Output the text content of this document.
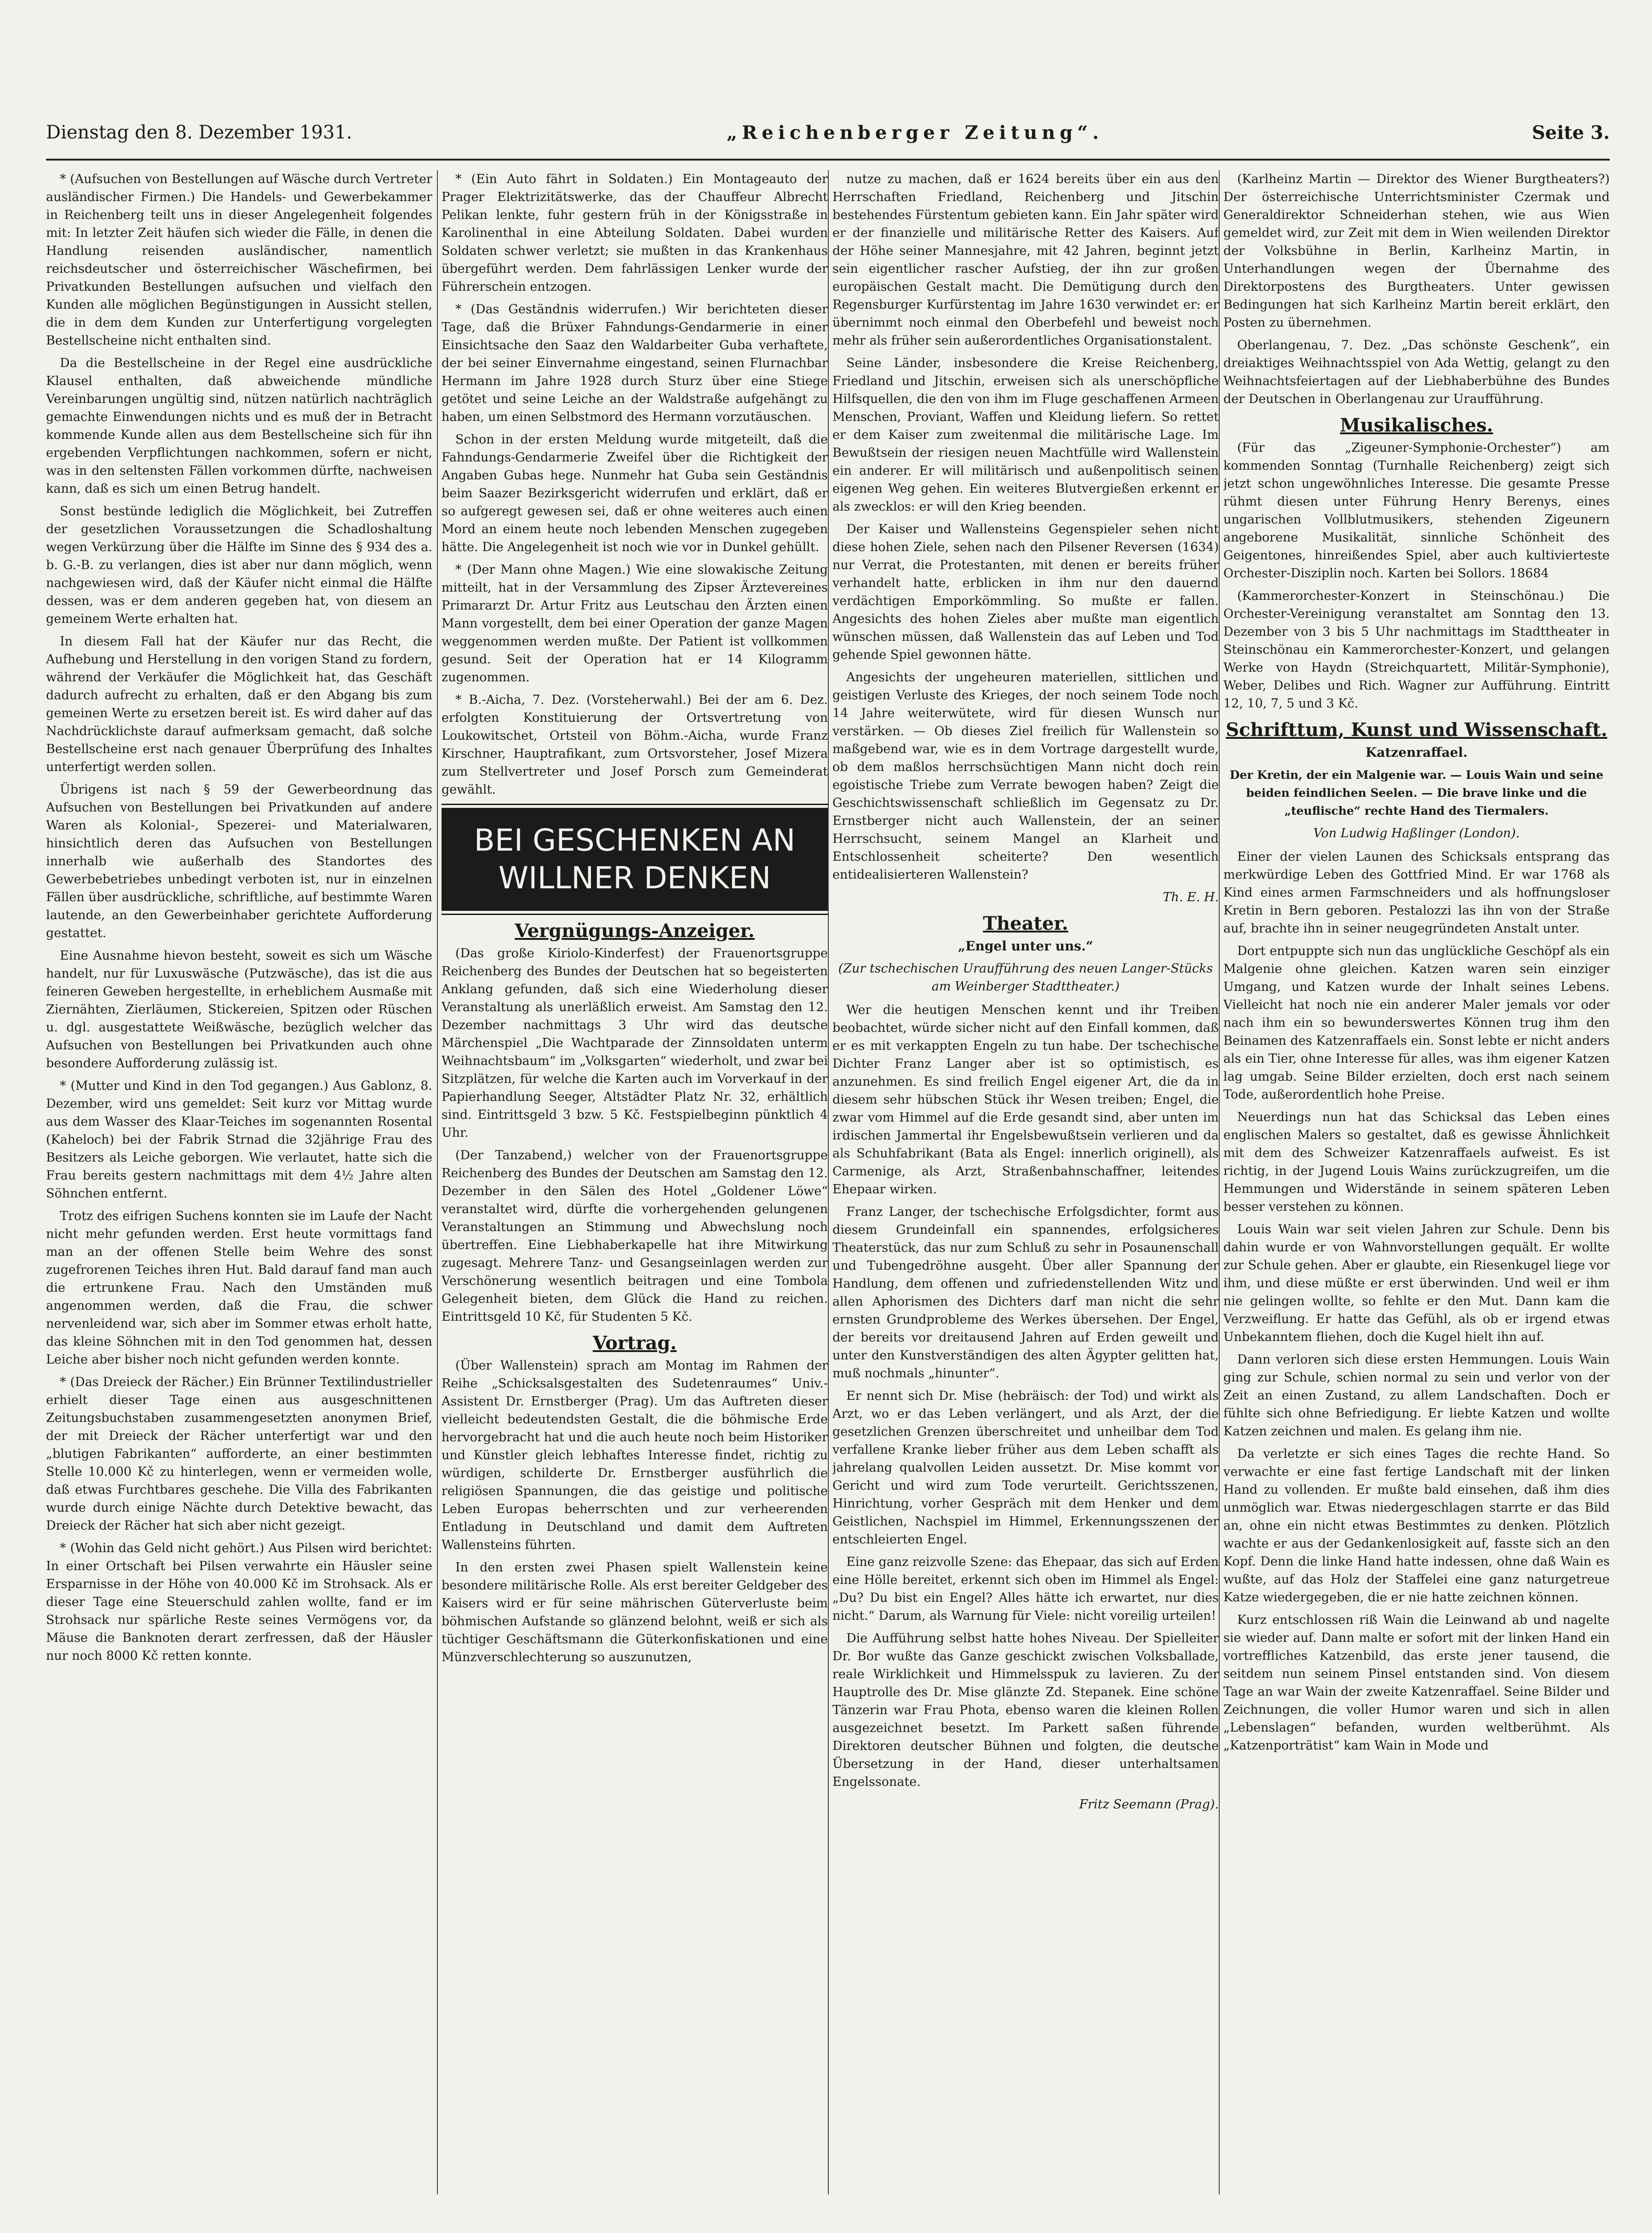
Dienstag den 8. Dezember 1931.	„Reichenberger Zeitung“.	Seite 3.

* (Aufsuchen von Bestellungen auf Wäsche durch Vertreter ausländischer Firmen.) Die Handels- und Gewerbekammer in Reichenberg teilt uns in dieser Angelegenheit folgendes mit: In letzter Zeit häufen sich wieder die Fälle, in denen die Handlung reisenden ausländischer, namentlich reichsdeutscher und österreichischer Wäschefirmen, bei Privatkunden Bestellungen aufsuchen und vielfach den Kunden alle möglichen Begünstigungen in Aussicht stellen, die in dem dem Kunden zur Unterfertigung vorgelegten Bestellscheine nicht enthalten sind.

Da die Bestellscheine in der Regel eine ausdrückliche Klausel enthalten, daß abweichende mündliche Vereinbarungen ungültig sind, nützen natürlich nachträglich gemachte Einwendungen nichts und es muß der in Betracht kommende Kunde allen aus dem Bestellscheine sich für ihn ergebenden Verpflichtungen nachkommen, sofern er nicht, was in den seltensten Fällen vorkommen dürfte, nachweisen kann, daß es sich um einen Betrug handelt.

Sonst bestünde lediglich die Möglichkeit, bei Zutreffen der gesetzlichen Voraussetzungen die Schadloshaltung wegen Verkürzung über die Hälfte im Sinne des § 934 des a. b. G.-B. zu verlangen, dies ist aber nur dann möglich, wenn nachgewiesen wird, daß der Käufer nicht einmal die Hälfte dessen, was er dem anderen gegeben hat, von diesem an gemeinem Werte erhalten hat.

In diesem Fall hat der Käufer nur das Recht, die Aufhebung und Herstellung in den vorigen Stand zu fordern, während der Verkäufer die Möglichkeit hat, das Geschäft dadurch aufrecht zu erhalten, daß er den Abgang bis zum gemeinen Werte zu ersetzen bereit ist. Es wird daher auf das Nachdrücklichste darauf aufmerksam gemacht, daß solche Bestellscheine erst nach genauer Überprüfung des Inhaltes unterfertigt werden sollen.

Übrigens ist nach § 59 der Gewerbeordnung das Aufsuchen von Bestellungen bei Privatkunden auf andere Waren als Kolonial-, Spezerei- und Materialwaren, hinsichtlich deren das Aufsuchen von Bestellungen innerhalb wie außerhalb des Standortes des Gewerbebetriebes unbedingt verboten ist, nur in einzelnen Fällen über ausdrückliche, schriftliche, auf bestimmte Waren lautende, an den Gewerbeinhaber gerichtete Aufforderung gestattet.

Eine Ausnahme hievon besteht, soweit es sich um Wäsche handelt, nur für Luxuswäsche (Putzwäsche), das ist die aus feineren Geweben hergestellte, in erheblichem Ausmaße mit Ziernähten, Zierläumen, Stickereien, Spitzen oder Rüschen u. dgl. ausgestattete Weißwäsche, bezüglich welcher das Aufsuchen von Bestellungen bei Privatkunden auch ohne besondere Aufforderung zulässig ist.

* (Mutter und Kind in den Tod gegangen.) Aus Gablonz, 8. Dezember, wird uns gemeldet: Seit kurz vor Mittag wurde aus dem Wasser des Klaar-Teiches im sogenannten Rosental (Kaheloch) bei der Fabrik Strnad die 32jährige Frau des Besitzers als Leiche geborgen. Wie verlautet, hatte sich die Frau bereits gestern nachmittags mit dem 4½ Jahre alten Söhnchen entfernt.

Trotz des eifrigen Suchens konnten sie im Laufe der Nacht nicht mehr gefunden werden. Erst heute vormittags fand man an der offenen Stelle beim Wehre des sonst zugefrorenen Teiches ihren Hut. Bald darauf fand man auch die ertrunkene Frau. Nach den Umständen muß angenommen werden, daß die Frau, die schwer nervenleidend war, sich aber im Sommer etwas erholt hatte, das kleine Söhnchen mit in den Tod genommen hat, dessen Leiche aber bisher noch nicht gefunden werden konnte.

* (Das Dreieck der Rächer.) Ein Brünner Textilindustrieller erhielt dieser Tage einen aus ausgeschnittenen Zeitungsbuchstaben zusammengesetzten anonymen Brief, der mit Dreieck der Rächer unterfertigt war und den „blutigen Fabrikanten“ aufforderte, an einer bestimmten Stelle 10.000 Kč zu hinterlegen, wenn er vermeiden wolle, daß etwas Furchtbares geschehe. Die Villa des Fabrikanten wurde durch einige Nächte durch Detektive bewacht, das Dreieck der Rächer hat sich aber nicht gezeigt.

* (Wohin das Geld nicht gehört.) Aus Pilsen wird berichtet: In einer Ortschaft bei Pilsen verwahrte ein Häusler seine Ersparnisse in der Höhe von 40.000 Kč im Strohsack. Als er dieser Tage eine Steuerschuld zahlen wollte, fand er im Strohsack nur spärliche Reste seines Vermögens vor, da Mäuse die Banknoten derart zerfressen, daß der Häusler nur noch 8000 Kč retten konnte.

* (Ein Auto fährt in Soldaten.) Ein Montageauto der Prager Elektrizitätswerke, das der Chauffeur Albrecht Pelikan lenkte, fuhr gestern früh in der Königsstraße in Karolinenthal in eine Abteilung Soldaten. Dabei wurden Soldaten schwer verletzt; sie mußten in das Krankenhaus übergeführt werden. Dem fahrlässigen Lenker wurde der Führerschein entzogen.

* (Das Geständnis widerrufen.) Wir berichteten dieser Tage, daß die Brüxer Fahndungs-Gendarmerie in einer Einsichtsache den Saaz den Waldarbeiter Guba verhaftete, der bei seiner Einvernahme eingestand, seinen Flurnachbar Hermann im Jahre 1928 durch Sturz über eine Stiege getötet und seine Leiche an der Waldstraße aufgehängt zu haben, um einen Selbstmord des Hermann vorzutäuschen.

Schon in der ersten Meldung wurde mitgeteilt, daß die Fahndungs-Gendarmerie Zweifel über die Richtigkeit der Angaben Gubas hege. Nunmehr hat Guba sein Geständnis beim Saazer Bezirksgericht widerrufen und erklärt, daß er so aufgeregt gewesen sei, daß er ohne weiteres auch einen Mord an einem heute noch lebenden Menschen zugegeben hätte. Die Angelegenheit ist noch wie vor in Dunkel gehüllt.

* (Der Mann ohne Magen.) Wie eine slowakische Zeitung mitteilt, hat in der Versammlung des Zipser Ärztevereines Primararzt Dr. Artur Fritz aus Leutschau den Ärzten einen Mann vorgestellt, dem bei einer Operation der ganze Magen weggenommen werden mußte. Der Patient ist vollkommen gesund. Seit der Operation hat er 14 Kilogramm zugenommen.

* B.-Aicha, 7. Dez. (Vorsteherwahl.) Bei der am 6. Dez. erfolgten Konstituierung der Ortsvertretung von Loukowitschet, Ortsteil von Böhm.-Aicha, wurde Franz Kirschner, Hauptrafikant, zum Ortsvorsteher, Josef Mizera zum Stellvertreter und Josef Porsch zum Gemeinderat gewählt.

BEI GESCHENKEN AN WILLNER DENKEN
Vergnügungs-Anzeiger.

(Das große Kiriolo-Kinderfest) der Frauenortsgruppe Reichenberg des Bundes der Deutschen hat so begeisterten Anklang gefunden, daß sich eine Wiederholung dieser Veranstaltung als unerläßlich erweist. Am Samstag den 12. Dezember nachmittags 3 Uhr wird das deutsche Märchenspiel „Die Wachtparade der Zinnsoldaten unterm Weihnachtsbaum“ im „Volksgarten“ wiederholt, und zwar bei Sitzplätzen, für welche die Karten auch im Vorverkauf in der Papierhandlung Seeger, Altstädter Platz Nr. 32, erhältlich sind. Eintrittsgeld 3 bzw. 5 Kč. Festspielbeginn pünktlich 4 Uhr.

(Der Tanzabend,) welcher von der Frauenortsgruppe Reichenberg des Bundes der Deutschen am Samstag den 12. Dezember in den Sälen des Hotel „Goldener Löwe“ veranstaltet wird, dürfte die vorhergehenden gelungenen Veranstaltungen an Stimmung und Abwechslung noch übertreffen. Eine Liebhaberkapelle hat ihre Mitwirkung zugesagt. Mehrere Tanz- und Gesangseinlagen werden zur Verschönerung wesentlich beitragen und eine Tombola Gelegenheit bieten, dem Glück die Hand zu reichen. Eintrittsgeld 10 Kč, für Studenten 5 Kč.

Vortrag.

(Über Wallenstein) sprach am Montag im Rahmen der Reihe „Schicksalsgestalten des Sudetenraumes“ Univ.-Assistent Dr. Ernstberger (Prag). Um das Auftreten dieser vielleicht bedeutendsten Gestalt, die die böhmische Erde hervorgebracht hat und die auch heute noch beim Historiker und Künstler gleich lebhaftes Interesse findet, richtig zu würdigen, schilderte Dr. Ernstberger ausführlich die religiösen Spannungen, die das geistige und politische Leben Europas beherrschten und zur verheerenden Entladung in Deutschland und damit dem Auftreten Wallensteins führten.

In den ersten zwei Phasen spielt Wallenstein keine besondere militärische Rolle. Als erst bereiter Geldgeber des Kaisers wird er für seine mährischen Güterverluste beim böhmischen Aufstande so glänzend belohnt, weiß er sich als tüchtiger Geschäftsmann die Güterkonfiskationen und eine Münzverschlechterung so auszunutzen,

nutze zu machen, daß er 1624 bereits über ein aus den Herrschaften Friedland, Reichenberg und Jitschin bestehendes Fürstentum gebieten kann. Ein Jahr später wird er der finanzielle und militärische Retter des Kaisers. Auf der Höhe seiner Mannesjahre, mit 42 Jahren, beginnt jetzt sein eigentlicher rascher Aufstieg, der ihn zur großen europäischen Gestalt macht. Die Demütigung durch den Regensburger Kurfürstentag im Jahre 1630 verwindet er: er übernimmt noch einmal den Oberbefehl und beweist noch mehr als früher sein außerordentliches Organisationstalent.

Seine Länder, insbesondere die Kreise Reichenberg, Friedland und Jitschin, erweisen sich als unerschöpfliche Hilfsquellen, die den von ihm im Fluge geschaffenen Armeen Menschen, Proviant, Waffen und Kleidung liefern. So rettet er dem Kaiser zum zweitenmal die militärische Lage. Im Bewußtsein der riesigen neuen Machtfülle wird Wallenstein ein anderer. Er will militärisch und außenpolitisch seinen eigenen Weg gehen. Ein weiteres Blutvergießen erkennt er als zwecklos: er will den Krieg beenden.

Der Kaiser und Wallensteins Gegenspieler sehen nicht diese hohen Ziele, sehen nach den Pilsener Reversen (1634) nur Verrat, die Protestanten, mit denen er bereits früher verhandelt hatte, erblicken in ihm nur den dauernd verdächtigen Emporkömmling. So mußte er fallen. Angesichts des hohen Zieles aber mußte man eigentlich wünschen müssen, daß Wallenstein das auf Leben und Tod gehende Spiel gewonnen hätte.

Angesichts der ungeheuren materiellen, sittlichen und geistigen Verluste des Krieges, der noch seinem Tode noch 14 Jahre weiterwütete, wird für diesen Wunsch nur verstärken. — Ob dieses Ziel freilich für Wallenstein so maßgebend war, wie es in dem Vortrage dargestellt wurde, ob dem maßlos herrschsüchtigen Mann nicht doch rein egoistische Triebe zum Verrate bewogen haben? Zeigt die Geschichtswissenschaft schließlich im Gegensatz zu Dr. Ernstberger nicht auch Wallenstein, der an seiner Herrschsucht, seinem Mangel an Klarheit und Entschlossenheit scheiterte? Den wesentlich entidealisierteren Wallenstein?

Th. E. H.
Theater.
„Engel unter uns.“
(Zur tschechischen Uraufführung des neuen Langer-Stücks am Weinberger Stadttheater.)

Wer die heutigen Menschen kennt und ihr Treiben beobachtet, würde sicher nicht auf den Einfall kommen, daß er es mit verkappten Engeln zu tun habe. Der tschechische Dichter Franz Langer aber ist so optimistisch, es anzunehmen. Es sind freilich Engel eigener Art, die da in diesem sehr hübschen Stück ihr Wesen treiben; Engel, die zwar vom Himmel auf die Erde gesandt sind, aber unten im irdischen Jammertal ihr Engelsbewußtsein verlieren und da als Schuhfabrikant (Bata als Engel: innerlich originell), als Carmenige, als Arzt, Straßenbahnschaffner, leitendes Ehepaar wirken.

Franz Langer, der tschechische Erfolgsdichter, formt aus diesem Grundeinfall ein spannendes, erfolgsicheres Theaterstück, das nur zum Schluß zu sehr in Posaunenschall und Tubengedröhne ausgeht. Über aller Spannung der Handlung, dem offenen und zufriedenstellenden Witz und allen Aphorismen des Dichters darf man nicht die sehr ernsten Grundprobleme des Werkes übersehen. Der Engel, der bereits vor dreitausend Jahren auf Erden geweilt und unter den Kunstverständigen des alten Ägypter gelitten hat, muß nochmals „hinunter“.

Er nennt sich Dr. Mise (hebräisch: der Tod) und wirkt als Arzt, wo er das Leben verlängert, und als Arzt, der die gesetzlichen Grenzen überschreitet und unheilbar dem Tod verfallene Kranke lieber früher aus dem Leben schafft als jahrelang qualvollen Leiden aussetzt. Dr. Mise kommt vor Gericht und wird zum Tode verurteilt. Gerichtsszenen, Hinrichtung, vorher Gespräch mit dem Henker und dem Geistlichen, Nachspiel im Himmel, Erkennungsszenen der entschleierten Engel.

Eine ganz reizvolle Szene: das Ehepaar, das sich auf Erden eine Hölle bereitet, erkennt sich oben im Himmel als Engel: „Du? Du bist ein Engel? Alles hätte ich erwartet, nur dies nicht.“ Darum, als Warnung für Viele: nicht voreilig urteilen!

Die Aufführung selbst hatte hohes Niveau. Der Spielleiter Dr. Bor wußte das Ganze geschickt zwischen Volksballade, reale Wirklichkeit und Himmelsspuk zu lavieren. Zu der Hauptrolle des Dr. Mise glänzte Zd. Stepanek. Eine schöne Tänzerin war Frau Phota, ebenso waren die kleinen Rollen ausgezeichnet besetzt. Im Parkett saßen führende Direktoren deutscher Bühnen und folgten, die deutsche Übersetzung in der Hand, dieser unterhaltsamen Engelssonate.

Fritz Seemann (Prag).

(Karlheinz Martin — Direktor des Wiener Burgtheaters?) Der österreichische Unterrichtsminister Czermak und Generaldirektor Schneiderhan stehen, wie aus Wien gemeldet wird, zur Zeit mit dem in Wien weilenden Direktor der Volksbühne in Berlin, Karlheinz Martin, in Unterhandlungen wegen der Übernahme des Direktorpostens des Burgtheaters. Unter gewissen Bedingungen hat sich Karlheinz Martin bereit erklärt, den Posten zu übernehmen.

Oberlangenau, 7. Dez. „Das schönste Geschenk“, ein dreiaktiges Weihnachtsspiel von Ada Wettig, gelangt zu den Weihnachtsfeiertagen auf der Liebhaberbühne des Bundes der Deutschen in Oberlangenau zur Uraufführung.

Musikalisches.

(Für das „Zigeuner-Symphonie-Orchester“) am kommenden Sonntag (Turnhalle Reichenberg) zeigt sich jetzt schon ungewöhnliches Interesse. Die gesamte Presse rühmt diesen unter Führung Henry Berenys, eines ungarischen Vollblutmusikers, stehenden Zigeunern angeborene Musikalität, sinnliche Schönheit des Geigentones, hinreißendes Spiel, aber auch kultivierteste Orchester-Disziplin noch. Karten bei Sollors. 18684

(Kammerorchester-Konzert in Steinschönau.) Die Orchester-Vereinigung veranstaltet am Sonntag den 13. Dezember von 3 bis 5 Uhr nachmittags im Stadttheater in Steinschönau ein Kammerorchester-Konzert, und gelangen Werke von Haydn (Streichquartett, Militär-Symphonie), Weber, Delibes und Rich. Wagner zur Aufführung. Eintritt 12, 10, 7, 5 und 3 Kč.

Schrifttum, Kunst und Wissenschaft.
Katzenraffael.
Der Kretin, der ein Malgenie war. — Louis Wain und seine beiden feindlichen Seelen. — Die brave linke und die „teuflische“ rechte Hand des Tiermalers.
Von Ludwig Haßlinger (London).

Einer der vielen Launen des Schicksals entsprang das merkwürdige Leben des Gottfried Mind. Er war 1768 als Kind eines armen Farmschneiders und als hoffnungsloser Kretin in Bern geboren. Pestalozzi las ihn von der Straße auf, brachte ihn in seiner neugegründeten Anstalt unter.

Dort entpuppte sich nun das unglückliche Geschöpf als ein Malgenie ohne gleichen. Katzen waren sein einziger Umgang, und Katzen wurde der Inhalt seines Lebens. Vielleicht hat noch nie ein anderer Maler jemals vor oder nach ihm ein so bewunderswertes Können trug ihm den Beinamen des Katzenraffaels ein. Sonst lebte er nicht anders als ein Tier, ohne Interesse für alles, was ihm eigener Katzen lag umgab. Seine Bilder erzielten, doch erst nach seinem Tode, außerordentlich hohe Preise.

Neuerdings nun hat das Schicksal das Leben eines englischen Malers so gestaltet, daß es gewisse Ähnlichkeit mit dem des Schweizer Katzenraffaels aufweist. Es ist richtig, in der Jugend Louis Wains zurückzugreifen, um die Hemmungen und Widerstände in seinem späteren Leben besser verstehen zu können.

Louis Wain war seit vielen Jahren zur Schule. Denn bis dahin wurde er von Wahnvorstellungen gequält. Er wollte zur Schule gehen. Aber er glaubte, ein Riesenkugel liege vor ihm, und diese müßte er erst überwinden. Und weil er ihm nie gelingen wollte, so fehlte er den Mut. Dann kam die Verzweiflung. Er hatte das Gefühl, als ob er irgend etwas Unbekanntem fliehen, doch die Kugel hielt ihn auf.

Dann verloren sich diese ersten Hemmungen. Louis Wain ging zur Schule, schien normal zu sein und verlor von der Zeit an einen Zustand, zu allem Landschaften. Doch er fühlte sich ohne Befriedigung. Er liebte Katzen und wollte Katzen zeichnen und malen. Es gelang ihm nie.

Da verletzte er sich eines Tages die rechte Hand. So verwachte er eine fast fertige Landschaft mit der linken Hand zu vollenden. Er mußte bald einsehen, daß ihm dies unmöglich war. Etwas niedergeschlagen starrte er das Bild an, ohne ein nicht etwas Bestimmtes zu denken. Plötzlich wachte er aus der Gedankenlosigkeit auf, fasste sich an den Kopf. Denn die linke Hand hatte indessen, ohne daß Wain es wußte, auf das Holz der Staffelei eine ganz naturgetreue Katze wiedergegeben, die er nie hatte zeichnen können.

Kurz entschlossen riß Wain die Leinwand ab und nagelte sie wieder auf. Dann malte er sofort mit der linken Hand ein vortreffliches Katzenbild, das erste jener tausend, die seitdem nun seinem Pinsel entstanden sind. Von diesem Tage an war Wain der zweite Katzenraffael. Seine Bilder und Zeichnungen, die voller Humor waren und sich in allen „Lebenslagen“ befanden, wurden weltberühmt. Als „Katzenporträtist“ kam Wain in Mode und
